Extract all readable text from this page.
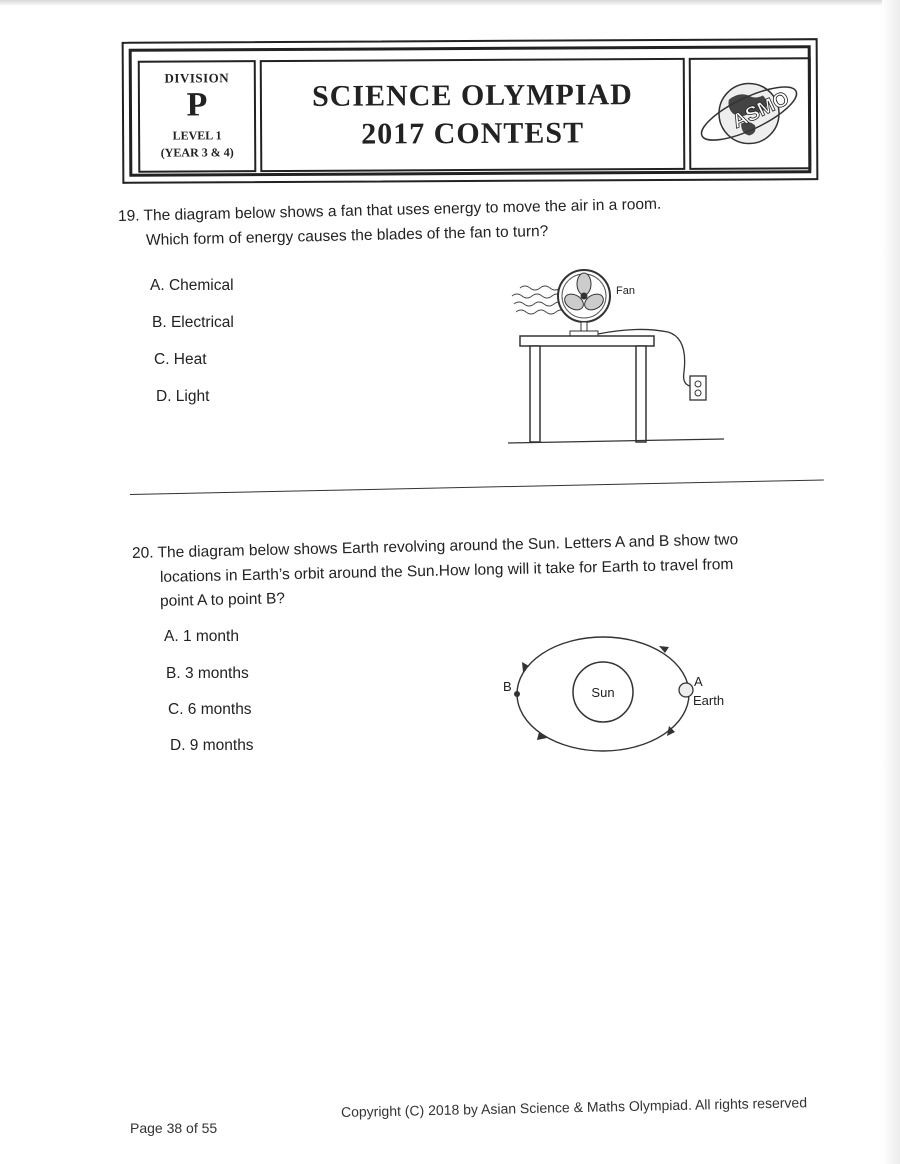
DIVISION
P
LEVEL 1
(YEAR 3 & 4)
SCIENCE OLYMPIAD
2017 CONTEST
ASMO
19. The diagram below shows a fan that uses energy to move the air in a room.
Which form of energy causes the blades of the fan to turn?
A. Chemical
B. Electrical
C. Heat
D. Light
Fan
20. The diagram below shows Earth revolving around the Sun. Letters A and B show two
locations in Earth’s orbit around the Sun.How long will it take for Earth to travel from
point A to point B?
A. 1 month
B. 3 months
C. 6 months
D. 9 months
Sun
A
Earth
B
Page 38 of 55
Copyright (C) 2018 by Asian Science & Maths Olympiad. All rights reserved
